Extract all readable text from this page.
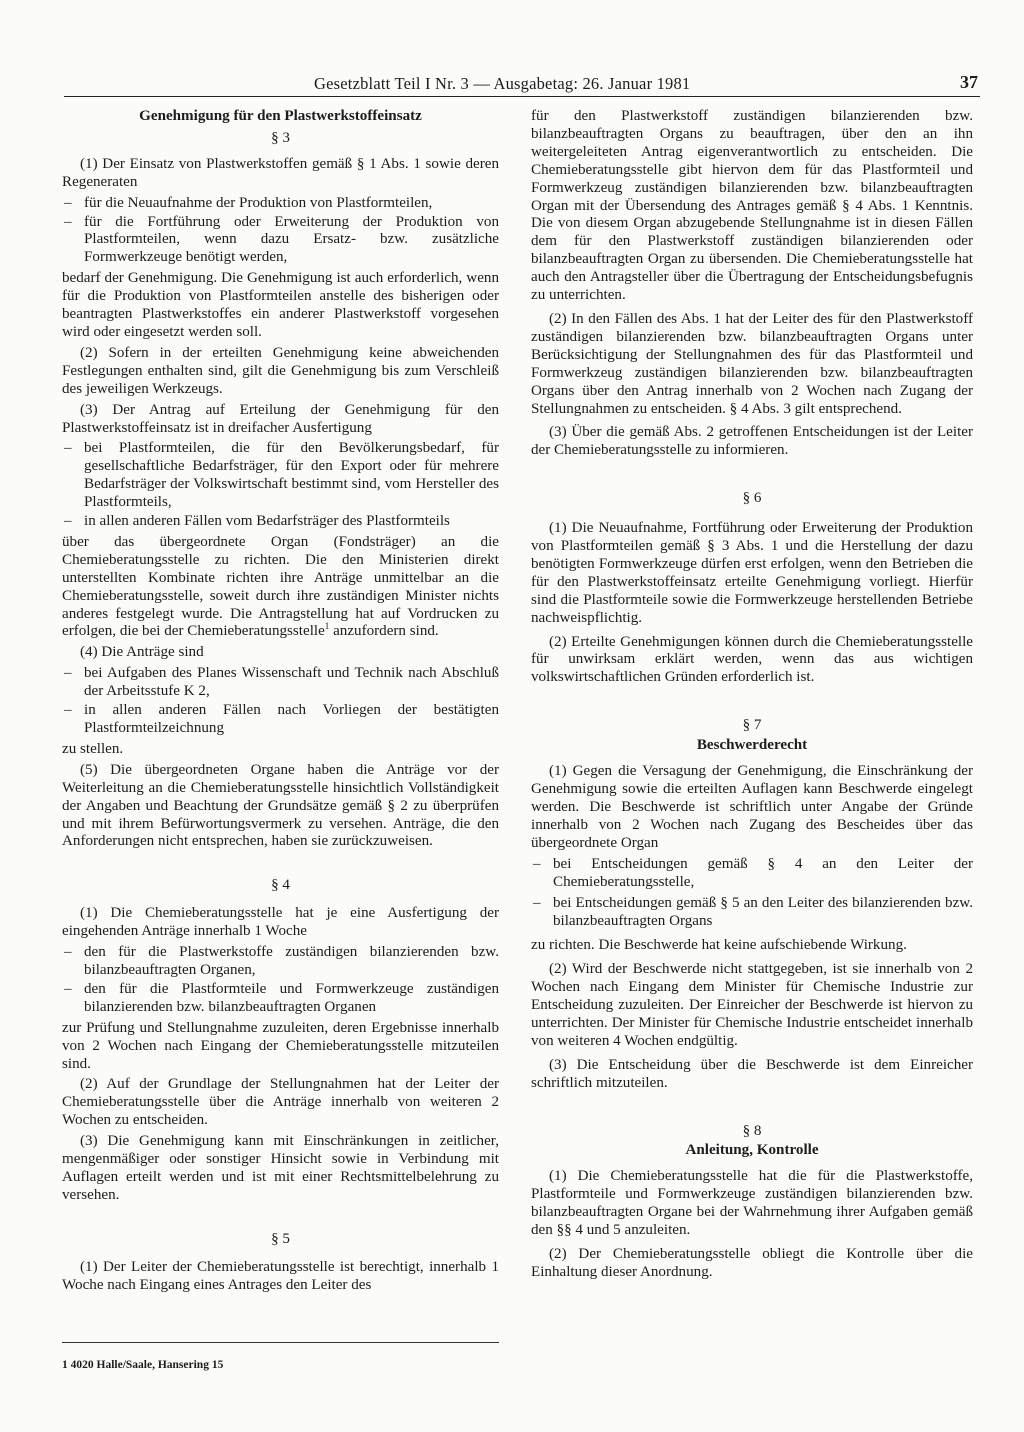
Gesetzblatt Teil I Nr. 3 — Ausgabetag: 26. Januar 1981	37

Genehmigung für den Plastwerkstoffeinsatz

§ 3

(1) Der Einsatz von Plastwerkstoffen gemäß § 1 Abs. 1 sowie deren Regeneraten

– für die Neuaufnahme der Produktion von Plastformteilen,
– für die Fortführung oder Erweiterung der Produktion von Plastformteilen, wenn dazu Ersatz- bzw. zusätzliche Formwerkzeuge benötigt werden,

bedarf der Genehmigung. Die Genehmigung ist auch erforderlich, wenn für die Produktion von Plastformteilen anstelle des bisherigen oder beantragten Plastwerkstoffes ein anderer Plastwerkstoff vorgesehen wird oder eingesetzt werden soll.

(2) Sofern in der erteilten Genehmigung keine abweichenden Festlegungen enthalten sind, gilt die Genehmigung bis zum Verschleiß des jeweiligen Werkzeugs.

(3) Der Antrag auf Erteilung der Genehmigung für den Plastwerkstoffeinsatz ist in dreifacher Ausfertigung

– bei Plastformteilen, die für den Bevölkerungsbedarf, für gesellschaftliche Bedarfsträger, für den Export oder für mehrere Bedarfsträger der Volkswirtschaft bestimmt sind, vom Hersteller des Plastformteils,
– in allen anderen Fällen vom Bedarfsträger des Plastformteils

über das übergeordnete Organ (Fondsträger) an die Chemieberatungsstelle zu richten. Die den Ministerien direkt unterstellten Kombinate richten ihre Anträge unmittelbar an die Chemieberatungsstelle, soweit durch ihre zuständigen Minister nichts anderes festgelegt wurde. Die Antragstellung hat auf Vordrucken zu erfolgen, die bei der Chemieberatungsstelle$^1$ anzufordern sind.

(4) Die Anträge sind

– bei Aufgaben des Planes Wissenschaft und Technik nach Abschluß der Arbeitsstufe K 2,
– in allen anderen Fällen nach Vorliegen der bestätigten Plastformteilzeichnung

zu stellen.

(5) Die übergeordneten Organe haben die Anträge vor der Weiterleitung an die Chemieberatungsstelle hinsichtlich Vollständigkeit der Angaben und Beachtung der Grundsätze gemäß § 2 zu überprüfen und mit ihrem Befürwortungsvermerk zu versehen. Anträge, die den Anforderungen nicht entsprechen, haben sie zurückzuweisen.

§ 4

(1) Die Chemieberatungsstelle hat je eine Ausfertigung der eingehenden Anträge innerhalb 1 Woche

– den für die Plastwerkstoffe zuständigen bilanzierenden bzw. bilanzbeauftragten Organen,
– den für die Plastformteile und Formwerkzeuge zuständigen bilanzierenden bzw. bilanzbeauftragten Organen

zur Prüfung und Stellungnahme zuzuleiten, deren Ergebnisse innerhalb von 2 Wochen nach Eingang der Chemieberatungsstelle mitzuteilen sind.

(2) Auf der Grundlage der Stellungnahmen hat der Leiter der Chemieberatungsstelle über die Anträge innerhalb von weiteren 2 Wochen zu entscheiden.

(3) Die Genehmigung kann mit Einschränkungen in zeitlicher, mengenmäßiger oder sonstiger Hinsicht sowie in Verbindung mit Auflagen erteilt werden und ist mit einer Rechtsmittelbelehrung zu versehen.

§ 5

(1) Der Leiter der Chemieberatungsstelle ist berechtigt, innerhalb 1 Woche nach Eingang eines Antrages den Leiter des

für den Plastwerkstoff zuständigen bilanzierenden bzw. bilanzbeauftragten Organs zu beauftragen, über den an ihn weitergeleiteten Antrag eigenverantwortlich zu entscheiden. Die Chemieberatungsstelle gibt hiervon dem für das Plastformteil und Formwerkzeug zuständigen bilanzierenden bzw. bilanzbeauftragten Organ mit der Übersendung des Antrages gemäß § 4 Abs. 1 Kenntnis. Die von diesem Organ abzugebende Stellungnahme ist in diesen Fällen dem für den Plastwerkstoff zuständigen bilanzierenden oder bilanzbeauftragten Organ zu übersenden. Die Chemieberatungsstelle hat auch den Antragsteller über die Übertragung der Entscheidungsbefugnis zu unterrichten.

(2) In den Fällen des Abs. 1 hat der Leiter des für den Plastwerkstoff zuständigen bilanzierenden bzw. bilanzbeauftragten Organs unter Berücksichtigung der Stellungnahmen des für das Plastformteil und Formwerkzeug zuständigen bilanzierenden bzw. bilanzbeauftragten Organs über den Antrag innerhalb von 2 Wochen nach Zugang der Stellungnahmen zu entscheiden. § 4 Abs. 3 gilt entsprechend.

(3) Über die gemäß Abs. 2 getroffenen Entscheidungen ist der Leiter der Chemieberatungsstelle zu informieren.

§ 6

(1) Die Neuaufnahme, Fortführung oder Erweiterung der Produktion von Plastformteilen gemäß § 3 Abs. 1 und die Herstellung der dazu benötigten Formwerkzeuge dürfen erst erfolgen, wenn den Betrieben die für den Plastwerkstoffeinsatz erteilte Genehmigung vorliegt. Hierfür sind die Plastformteile sowie die Formwerkzeuge herstellenden Betriebe nachweispflichtig.

(2) Erteilte Genehmigungen können durch die Chemieberatungsstelle für unwirksam erklärt werden, wenn das aus wichtigen volkswirtschaftlichen Gründen erforderlich ist.

§ 7

Beschwerderecht

(1) Gegen die Versagung der Genehmigung, die Einschränkung der Genehmigung sowie die erteilten Auflagen kann Beschwerde eingelegt werden. Die Beschwerde ist schriftlich unter Angabe der Gründe innerhalb von 2 Wochen nach Zugang des Bescheides über das übergeordnete Organ

– bei Entscheidungen gemäß § 4 an den Leiter der Chemieberatungsstelle,
– bei Entscheidungen gemäß § 5 an den Leiter des bilanzierenden bzw. bilanzbeauftragten Organs

zu richten. Die Beschwerde hat keine aufschiebende Wirkung.

(2) Wird der Beschwerde nicht stattgegeben, ist sie innerhalb von 2 Wochen nach Eingang dem Minister für Chemische Industrie zur Entscheidung zuzuleiten. Der Einreicher der Beschwerde ist hiervon zu unterrichten. Der Minister für Chemische Industrie entscheidet innerhalb von weiteren 4 Wochen endgültig.

(3) Die Entscheidung über die Beschwerde ist dem Einreicher schriftlich mitzuteilen.

§ 8

Anleitung, Kontrolle

(1) Die Chemieberatungsstelle hat die für die Plastwerkstoffe, Plastformteile und Formwerkzeuge zuständigen bilanzierenden bzw. bilanzbeauftragten Organe bei der Wahrnehmung ihrer Aufgaben gemäß den §§ 4 und 5 anzuleiten.

(2) Der Chemieberatungsstelle obliegt die Kontrolle über die Einhaltung dieser Anordnung.

1 4020 Halle/Saale, Hansering 15
